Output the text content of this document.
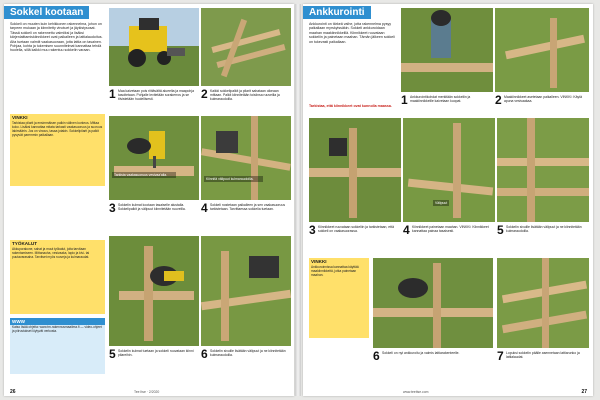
Sokkel kootaan
Sokkeli on muuten kuin kehikkonen rakennelma, johon on tarpeen mukaan ja kiinnitetty vinotuet ja jäykistysosat. Tässä sokkeli on rakennettu valmiiksi ja lisäksi kärjenlaittamiskiinnikkeet ovat paikalleen ja lattialaudoitus. Alta tuetaan valmiit vaakasuoraan, jotta lattia on tasainen. Pohjaa, kohta ja tukemisen suunnitelmat kannattaa tehdä huolella, sillä kaikki muu rakentuu sokkelin varaan.
1 Maa kaivetaan pois riittävältä alueelta ja maapohja tasoitetaan. Pohjalle levitetään sorakerros ja se tiivistetään huolellisesti.	2 Kaikki sokkelipalkit ja pilarit sahataan oikeaan mittaan. Palkit kiinnitetään toisiinsa ruuveilla ja kulmaraudoilla.
VINKKI
Tarkistaa pilarit ja ensimmäisen palkin välinen korkeus. Mittaa koko. Lisäksi kannattaa mitata tarkasti vaakasuoruus ja suoruus lakimäärin. Jos on vinous, tasaa jotakin. Sokkelipilarit ja palkit pysyvät paremmin paikallaan.
Tarkista vaakasuoruus vesivaa'alla.
Kiinnitä välipuut kulmaraudoilla.
3 Sokkelin kulmat kootaan tasaiselle alustalla. Sokkelipalkit ja välipuut kiinnitetään ruuveilla.	4 Sokkeli nostetaan paikalleen ja sen vaakasuoruus tarkistetaan. Tarvittaessa sokkelia tuetaan.
TYÖKALUT
Akkuporakone, sahat ja muut työkalut, joita tarvitaan rakentamiseen. Mittanauha, vesivaaka, lapio ja kivi- tai puutavarasaha. Tarvitset myös ruuveja ja kulmaraudat.
WWW
Katso lisää ohjeita: www.tm-rakennusmaailma.fi — video-ohjeet ja piirustukset löytyvät verkosta.
5 Sokkelin kulmat tuetaan ja sokkeli ruuvataan kiinni pilareihin.	6 Sokkelin sivuille lisätään välipuut ja ne kiinnitetään kulmaraudoilla.
26	Tee Itse · 2/2020
Ankkurointi
Ankkurointi on tärkeä vaihe, jotta rakennelma pysyy paikallaan myrskyissäkin. Sokkeli ankkuroidaan maahan maakiinnikkeillä. Kiinnikkeet ruuvataan sokkeliin ja painetaan maahan. Tämän jälkeen sokkeli on tukevasti paikallaan.
Tarkistaa, että kiinnikkeet ovat kunnolla maassa. 1 Ankkurointikohdat merkitään sokkeliin ja maakiinnikkeille kaivetaan kuopat.	2 Maakiinnikkeet asetetaan paikalleen. VINKKI: Käytä apuna vesivaakaa.
Välipuut
3 Kiinnikkeet ruuvataan sokkeliin ja tarkistetaan, että sokkeli on vaakasuorassa.	4 Kiinnikkeet painetaan maahan. VINKKI: Kiinnikkeet kannattaa painaa tasaisesti.	5 Sokkelin sivuille lisätään välipuut ja ne kiinnitetään kulmaraudoilla.
VINKKI
Ankkuroinnissa kannattaa käyttää maakiinnikkeitä, jotka painetaan maahan.
6 Sokkeli on nyt ankkuroitu ja valmis lattiarakenteelle.	7 Lopuksi sokkelin päälle asennetaan lattiarunko ja lattialaudat.
www.teeitse.com	27
